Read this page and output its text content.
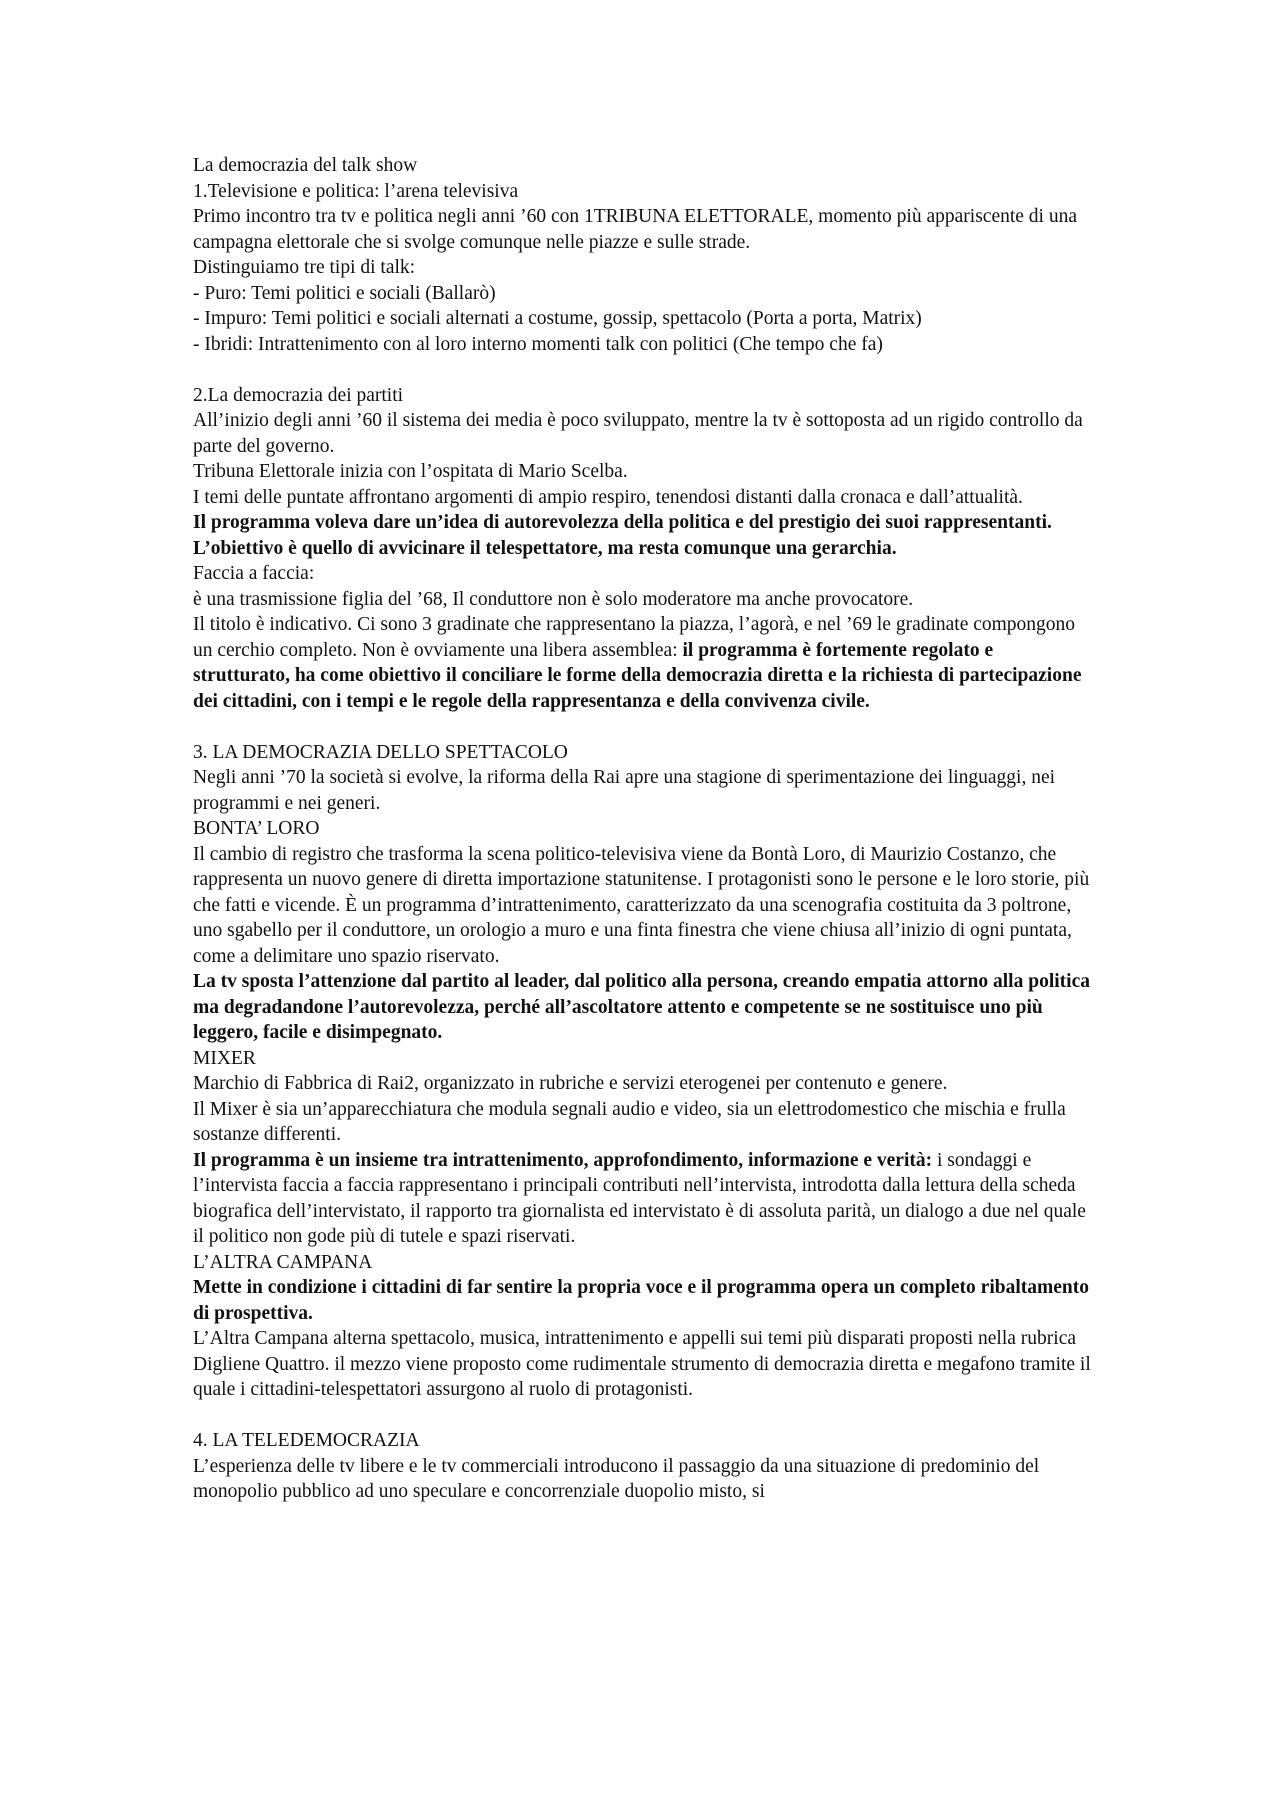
La democrazia del talk show

1.Televisione e politica: l’arena televisiva

Primo incontro tra tv e politica negli anni ’60 con 1TRIBUNA ELETTORALE, momento più appariscente di una campagna elettorale che si svolge comunque nelle piazze e sulle strade.

Distinguiamo tre tipi di talk:

- Puro: Temi politici e sociali (Ballarò)

- Impuro: Temi politici e sociali alternati a costume, gossip, spettacolo (Porta a porta, Matrix)

- Ibridi: Intrattenimento con al loro interno momenti talk con politici (Che tempo che fa)

2.La democrazia dei partiti

All’inizio degli anni ’60 il sistema dei media è poco sviluppato, mentre la tv è sottoposta ad un rigido controllo da parte del governo.

Tribuna Elettorale inizia con l’ospitata di Mario Scelba.

I temi delle puntate affrontano argomenti di ampio respiro, tenendosi distanti dalla cronaca e dall’attualità.

Il programma voleva dare un’idea di autorevolezza della politica e del prestigio dei suoi rappresentanti. L’obiettivo è quello di avvicinare il telespettatore, ma resta comunque una gerarchia.

Faccia a faccia:

è una trasmissione figlia del ’68, Il conduttore non è solo moderatore ma anche provocatore.

Il titolo è indicativo. Ci sono 3 gradinate che rappresentano la piazza, l’agorà, e nel ’69 le gradinate compongono un cerchio completo. Non è ovviamente una libera assemblea: il programma è fortemente regolato e strutturato, ha come obiettivo il conciliare le forme della democrazia diretta e la richiesta di partecipazione dei cittadini, con i tempi e le regole della rappresentanza e della convivenza civile.

3. LA DEMOCRAZIA DELLO SPETTACOLO

Negli anni ’70 la società si evolve, la riforma della Rai apre una stagione di sperimentazione dei linguaggi, nei programmi e nei generi.

BONTA’ LORO

Il cambio di registro che trasforma la scena politico-televisiva viene da Bontà Loro, di Maurizio Costanzo, che rappresenta un nuovo genere di diretta importazione statunitense. I protagonisti sono le persone e le loro storie, più che fatti e vicende. È un programma d’intrattenimento, caratterizzato da una scenografia costituita da 3 poltrone, uno sgabello per il conduttore, un orologio a muro e una finta finestra che viene chiusa all’inizio di ogni puntata, come a delimitare uno spazio riservato.

La tv sposta l’attenzione dal partito al leader, dal politico alla persona, creando empatia attorno alla politica ma degradandone l’autorevolezza, perché all’ascoltatore attento e competente se ne sostituisce uno più leggero, facile e disimpegnato.

MIXER

Marchio di Fabbrica di Rai2, organizzato in rubriche e servizi eterogenei per contenuto e genere.

Il Mixer è sia un’apparecchiatura che modula segnali audio e video, sia un elettrodomestico che mischia e frulla sostanze differenti.

Il programma è un insieme tra intrattenimento, approfondimento, informazione e verità: i sondaggi e l’intervista faccia a faccia rappresentano i principali contributi nell’intervista, introdotta dalla lettura della scheda biografica dell’intervistato, il rapporto tra giornalista ed intervistato è di assoluta parità, un dialogo a due nel quale il politico non gode più di tutele e spazi riservati.

L’ALTRA CAMPANA

Mette in condizione i cittadini di far sentire la propria voce e il programma opera un completo ribaltamento di prospettiva.

L’Altra Campana alterna spettacolo, musica, intrattenimento e appelli sui temi più disparati proposti nella rubrica Digliene Quattro. il mezzo viene proposto come rudimentale strumento di democrazia diretta e megafono tramite il quale i cittadini-telespettatori assurgono al ruolo di protagonisti.

4. LA TELEDEMOCRAZIA

L’esperienza delle tv libere e le tv commerciali introducono il passaggio da una situazione di predominio del monopolio pubblico ad uno speculare e concorrenziale duopolio misto, si
